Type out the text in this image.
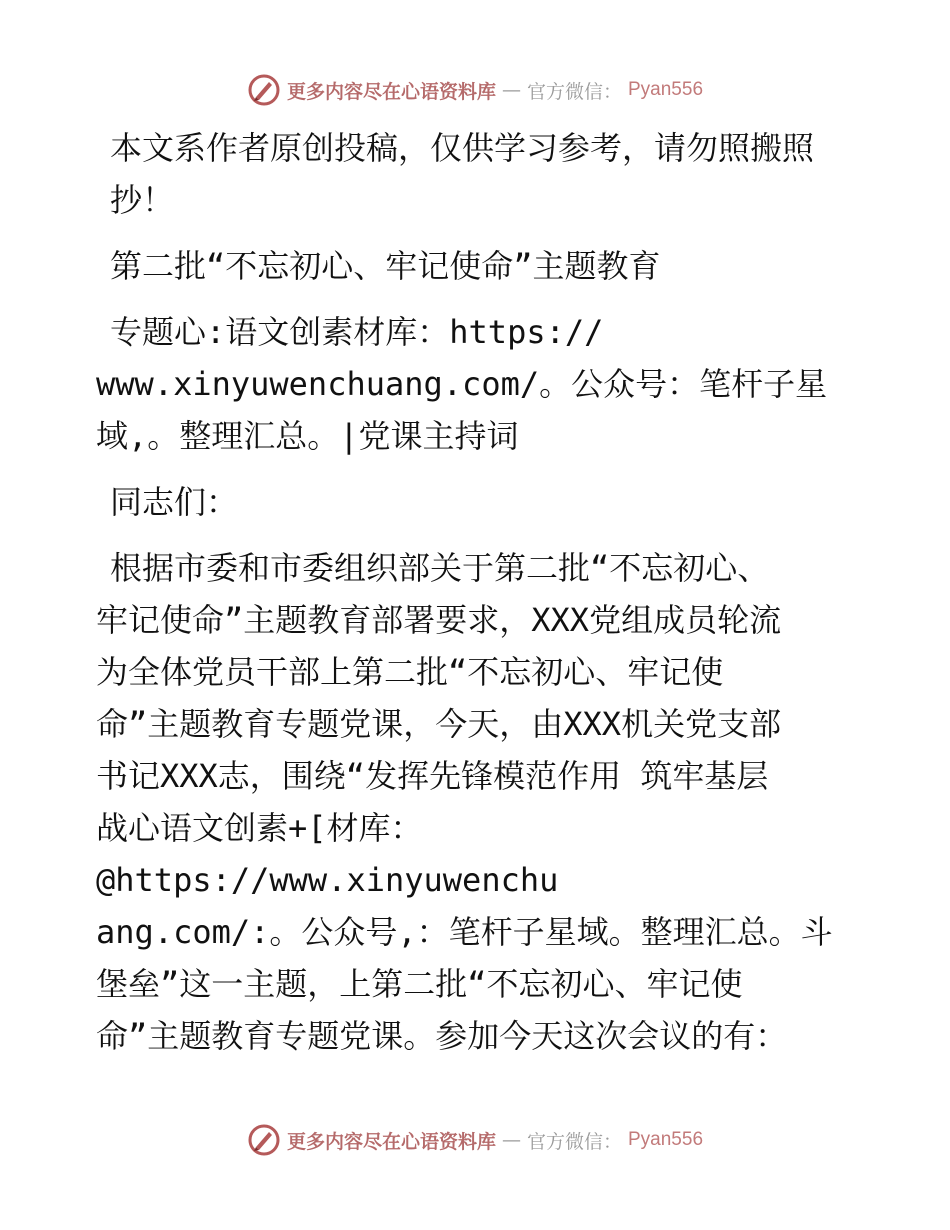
更多内容尽在心语资料库 — 官方微信： Pyan556

本文系作者原创投稿，仅供学习参考，请勿照搬照抄！

第二批“不忘初心、牢记使命”主题教育

专题心:语文创素材库：https://
www.xinyuwenchuang.com/。公众号：笔杆子星
域,。整理汇总。|党课主持词

同志们：

根据市委和市委组织部关于第二批“不忘初心、
牢记使命”主题教育部署要求，XXX党组成员轮流
为全体党员干部上第二批“不忘初心、牢记使
命”主题教育专题党课，今天，由XXX机关党支部
书记XXX志，围绕“发挥先锋模范作用 筑牢基层
战心语文创素+[材库：@https://www.xinyuwenchu
ang.com/:。公众号,：笔杆子星域。整理汇总。斗
堡垒”这一主题，上第二批“不忘初心、牢记使
命”主题教育专题党课。参加今天这次会议的有：
更多内容尽在心语资料库 — 官方微信： Pyan556
